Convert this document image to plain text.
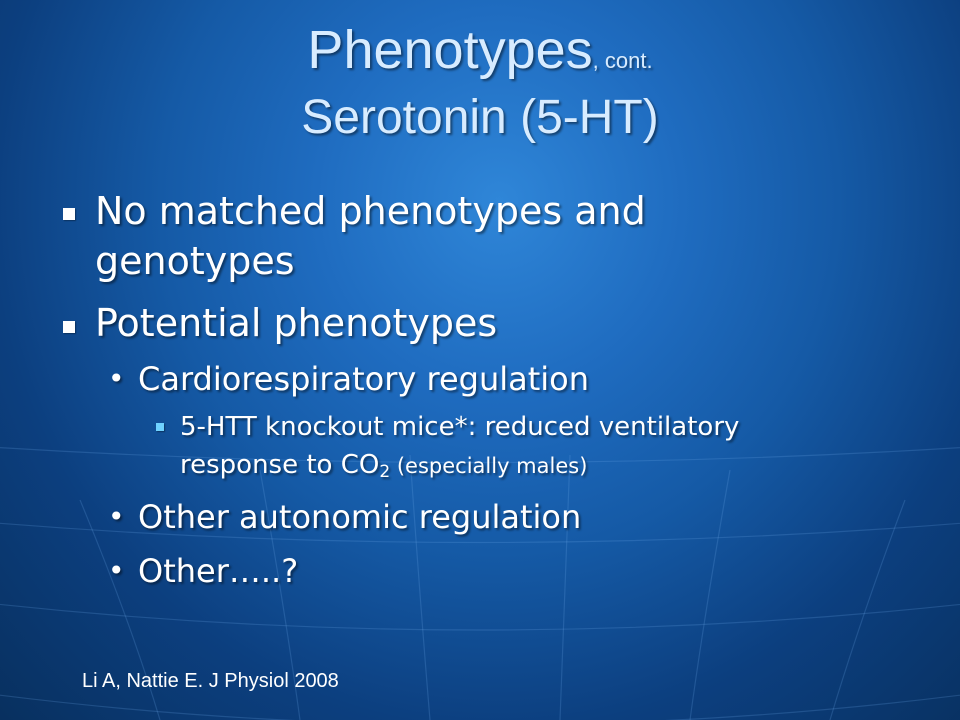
Phenotypes, cont.
Serotonin (5-HT)
No matched phenotypes and
genotypes
Potential phenotypes
• Cardiorespiratory regulation
5-HTT knockout mice*: reduced ventilatory
response to $CO_2$ (especially males)
• Other autonomic regulation
• Other…..?
Li A, Nattie E. J Physiol 2008
